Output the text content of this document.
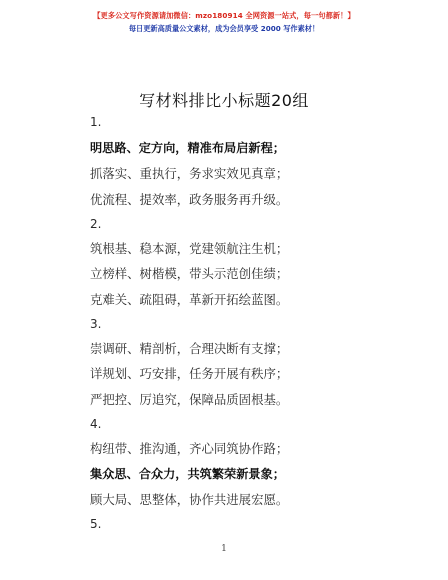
【更多公文写作资源请加微信：mzo180914 全网资源一站式，每一句都新！】
每日更新高质量公文素材，成为会员享受 2000 写作素材！
写材料排比小标题20组
1.
明思路、定方向，精准布局启新程；
抓落实、重执行，务求实效见真章；
优流程、提效率，政务服务再升级。
2.
筑根基、稳本源，党建领航注生机；
立榜样、树楷模，带头示范创佳绩；
克难关、疏阻碍，革新开拓绘蓝图。
3.
崇调研、精剖析，合理决断有支撑；
详规划、巧安排，任务开展有秩序；
严把控、厉追究，保障品质固根基。
4.
构纽带、推沟通，齐心同筑协作路；
集众思、合众力，共筑繁荣新景象；
顾大局、思整体，协作共进展宏愿。
5.
1
